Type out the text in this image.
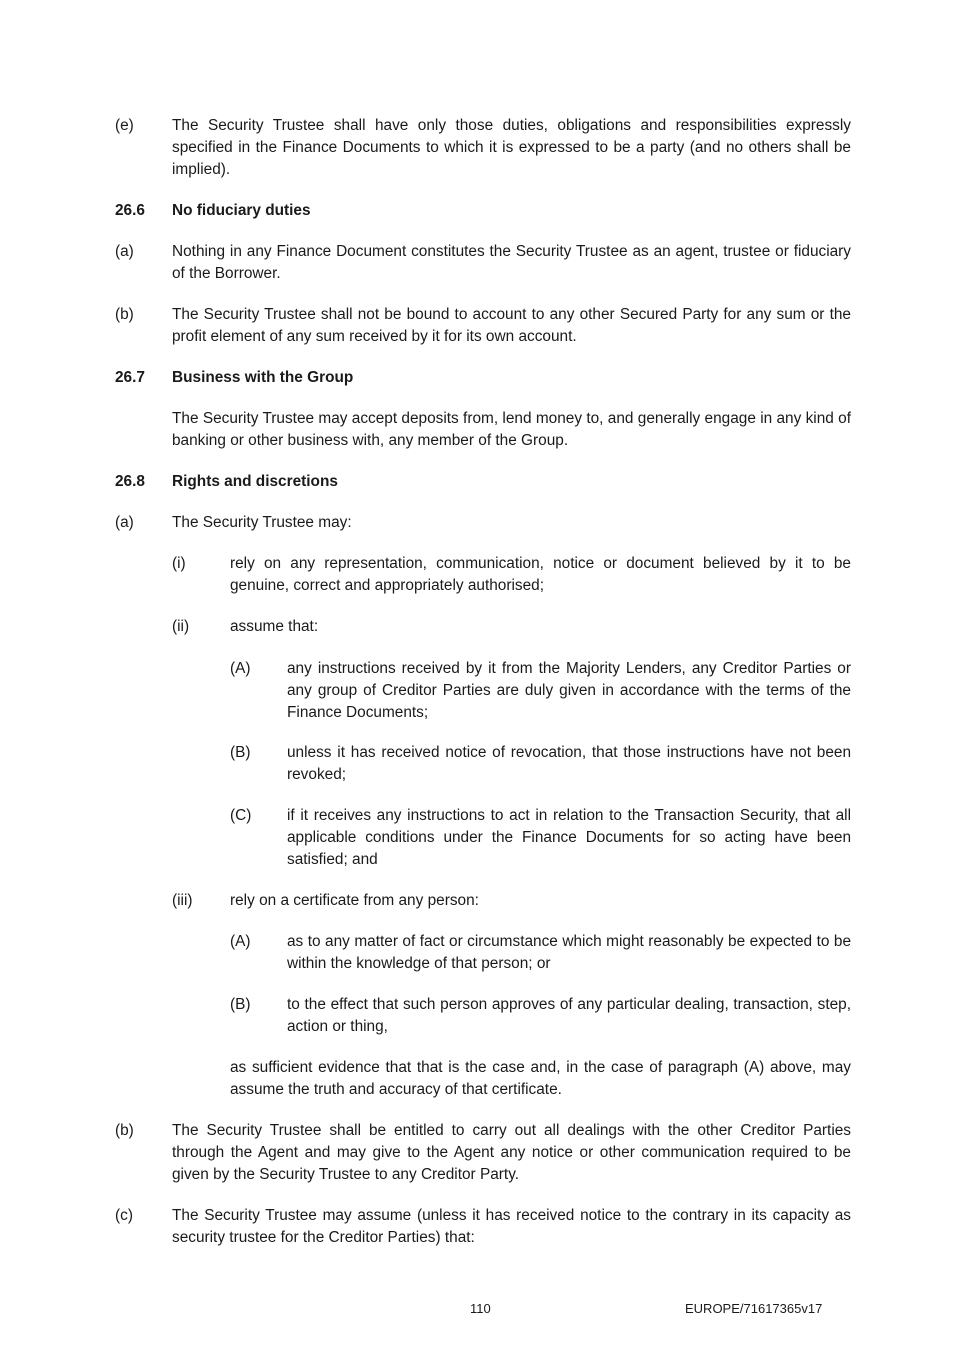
(e) The Security Trustee shall have only those duties, obligations and responsibilities expressly specified in the Finance Documents to which it is expressed to be a party (and no others shall be implied).
26.6 No fiduciary duties
(a) Nothing in any Finance Document constitutes the Security Trustee as an agent, trustee or fiduciary of the Borrower.
(b) The Security Trustee shall not be bound to account to any other Secured Party for any sum or the profit element of any sum received by it for its own account.
26.7 Business with the Group
The Security Trustee may accept deposits from, lend money to, and generally engage in any kind of banking or other business with, any member of the Group.
26.8 Rights and discretions
(a) The Security Trustee may:
(i)	rely on any representation, communication, notice or document believed by it to be genuine, correct and appropriately authorised;
(ii)	assume that:
(A) any instructions received by it from the Majority Lenders, any Creditor Parties or any group of Creditor Parties are duly given in accordance with the terms of the Finance Documents;
(B) unless it has received notice of revocation, that those instructions have not been revoked;
(C) if it receives any instructions to act in relation to the Transaction Security, that all applicable conditions under the Finance Documents for so acting have been satisfied; and
(iii) rely on a certificate from any person:
(A) as to any matter of fact or circumstance which might reasonably be expected to be within the knowledge of that person; or
(B) to the effect that such person approves of any particular dealing, transaction, step, action or thing,
as sufficient evidence that that is the case and, in the case of paragraph (A) above, may assume the truth and accuracy of that certificate.
(b) The Security Trustee shall be entitled to carry out all dealings with the other Creditor Parties through the Agent and may give to the Agent any notice or other communication required to be given by the Security Trustee to any Creditor Party.
(c)	The Security Trustee may assume (unless it has received notice to the contrary in its capacity as security trustee for the Creditor Parties) that:
110	EUROPE/71617365v17
